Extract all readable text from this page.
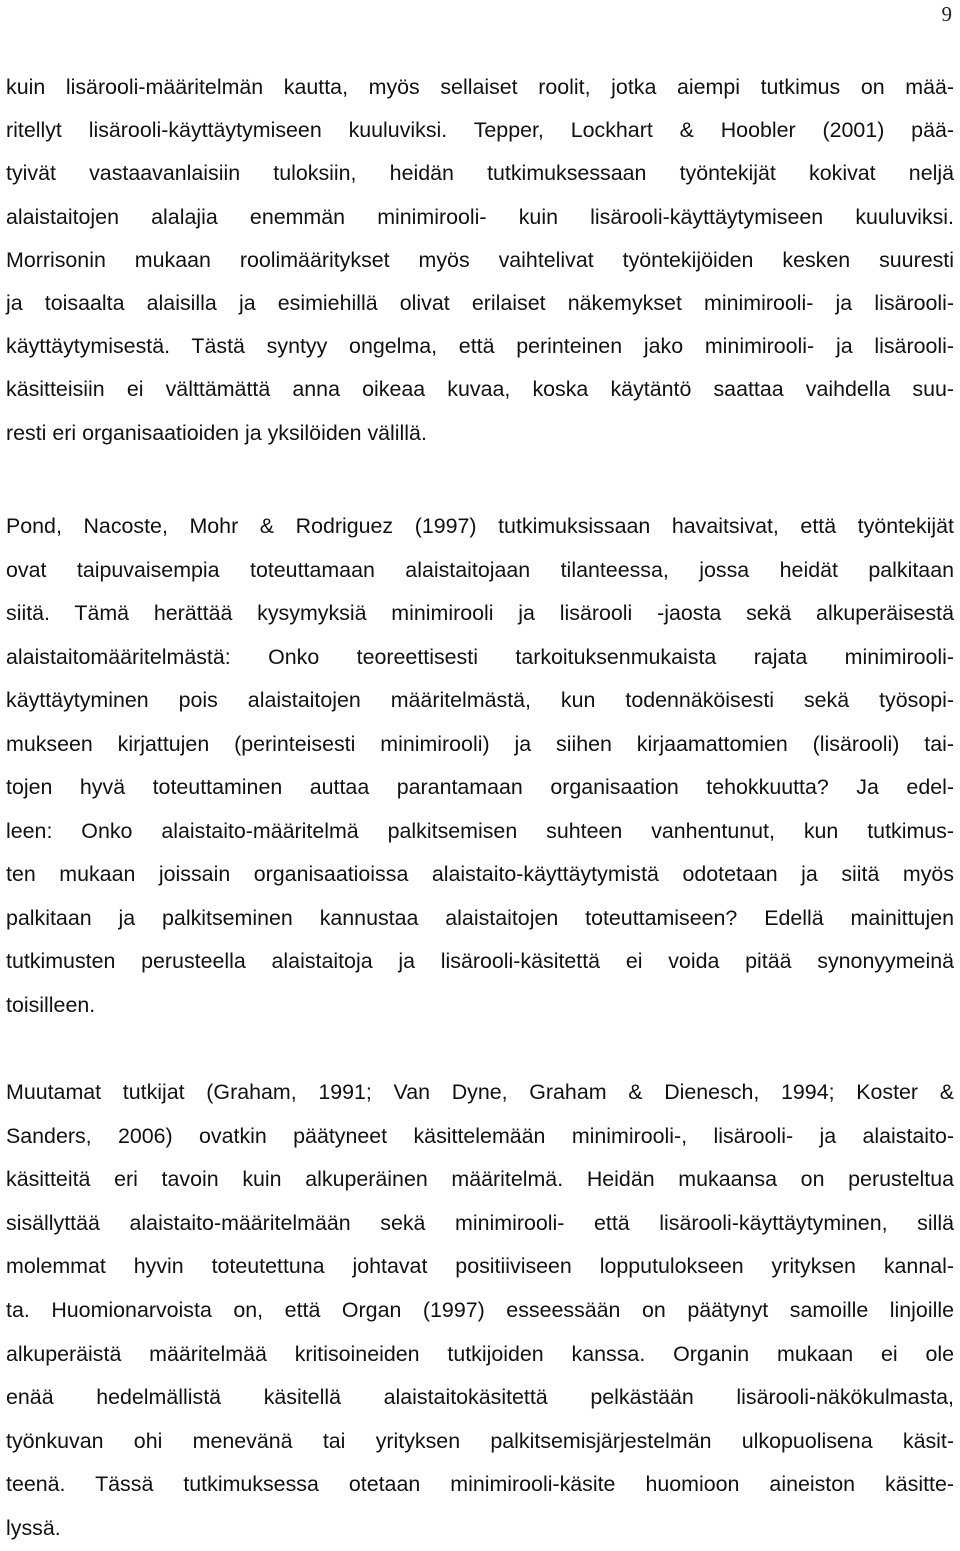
9
kuin lisärooli-määritelmän kautta, myös sellaiset roolit, jotka aiempi tutkimus on mää-
ritellyt lisärooli-käyttäytymiseen kuuluviksi. Tepper, Lockhart & Hoobler (2001) pää-
tyivät vastaavanlaisiin tuloksiin, heidän tutkimuksessaan työntekijät kokivat neljä
alaistaitojen alalajia enemmän minimirooli- kuin lisärooli-käyttäytymiseen kuuluviksi.
Morrisonin mukaan roolimääritykset myös vaihtelivat työntekijöiden kesken suuresti
ja toisaalta alaisilla ja esimiehillä olivat erilaiset näkemykset minimirooli- ja lisärooli-
käyttäytymisestä. Tästä syntyy ongelma, että perinteinen jako minimirooli- ja lisärooli-
käsitteisiin ei välttämättä anna oikeaa kuvaa, koska käytäntö saattaa vaihdella suu-
resti eri organisaatioiden ja yksilöiden välillä.
Pond, Nacoste, Mohr & Rodriguez (1997) tutkimuksissaan havaitsivat, että työntekijät
ovat taipuvaisempia toteuttamaan alaistaitojaan tilanteessa, jossa heidät palkitaan
siitä. Tämä herättää kysymyksiä minimirooli ja lisärooli -jaosta sekä alkuperäisestä
alaistaitomääritelmästä: Onko teoreettisesti tarkoituksenmukaista rajata minimirooli-
käyttäytyminen pois alaistaitojen määritelmästä, kun todennäköisesti sekä työsopi-
mukseen kirjattujen (perinteisesti minimirooli) ja siihen kirjaamattomien (lisärooli) tai-
tojen hyvä toteuttaminen auttaa parantamaan organisaation tehokkuutta? Ja edel-
leen: Onko alaistaito-määritelmä palkitsemisen suhteen vanhentunut, kun tutkimus-
ten mukaan joissain organisaatioissa alaistaito-käyttäytymistä odotetaan ja siitä myös
palkitaan ja palkitseminen kannustaa alaistaitojen toteuttamiseen? Edellä mainittujen
tutkimusten perusteella alaistaitoja ja lisärooli-käsitettä ei voida pitää synonyymeinä
toisilleen.
Muutamat tutkijat (Graham, 1991; Van Dyne, Graham & Dienesch, 1994; Koster &
Sanders, 2006) ovatkin päätyneet käsittelemään minimirooli-, lisärooli- ja alaistaito-
käsitteitä eri tavoin kuin alkuperäinen määritelmä. Heidän mukaansa on perusteltua
sisällyttää alaistaito-määritelmään sekä minimirooli- että lisärooli-käyttäytyminen, sillä
molemmat hyvin toteutettuna johtavat positiiviseen lopputulokseen yrityksen kannal-
ta. Huomionarvoista on, että Organ (1997) esseessään on päätynyt samoille linjoille
alkuperäistä määritelmää kritisoineiden tutkijoiden kanssa. Organin mukaan ei ole
enää hedelmällistä käsitellä alaistaitokäsitettä pelkästään lisärooli-näkökulmasta,
työnkuvan ohi menevänä tai yrityksen palkitsemisjärjestelmän ulkopuolisena käsit-
teenä. Tässä tutkimuksessa otetaan minimirooli-käsite huomioon aineiston käsitte-
lyssä.
